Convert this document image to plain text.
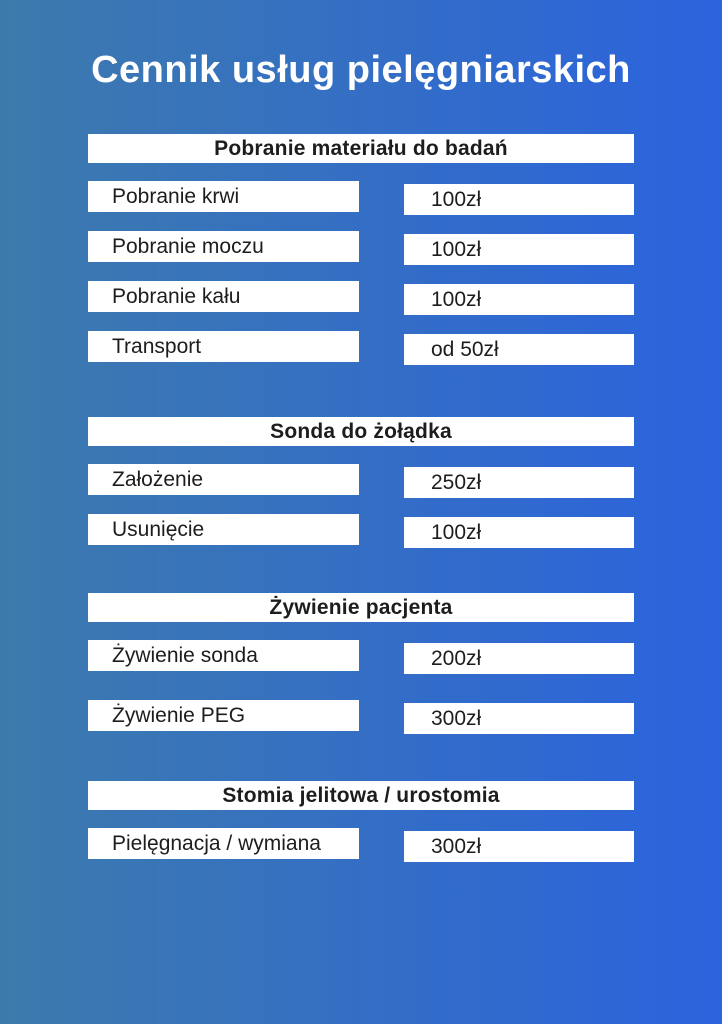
Cennik usług pielęgniarskich
Pobranie materiału do badań
Pobranie krwi	100zł
Pobranie moczu	100zł
Pobranie kału	100zł
Transport	od 50zł
Sonda do żołądka
Założenie	250zł
Usunięcie	100zł
Żywienie pacjenta
Żywienie sonda	200zł
Żywienie PEG	300zł
Stomia jelitowa / urostomia
Pielęgnacja / wymiana	300zł
